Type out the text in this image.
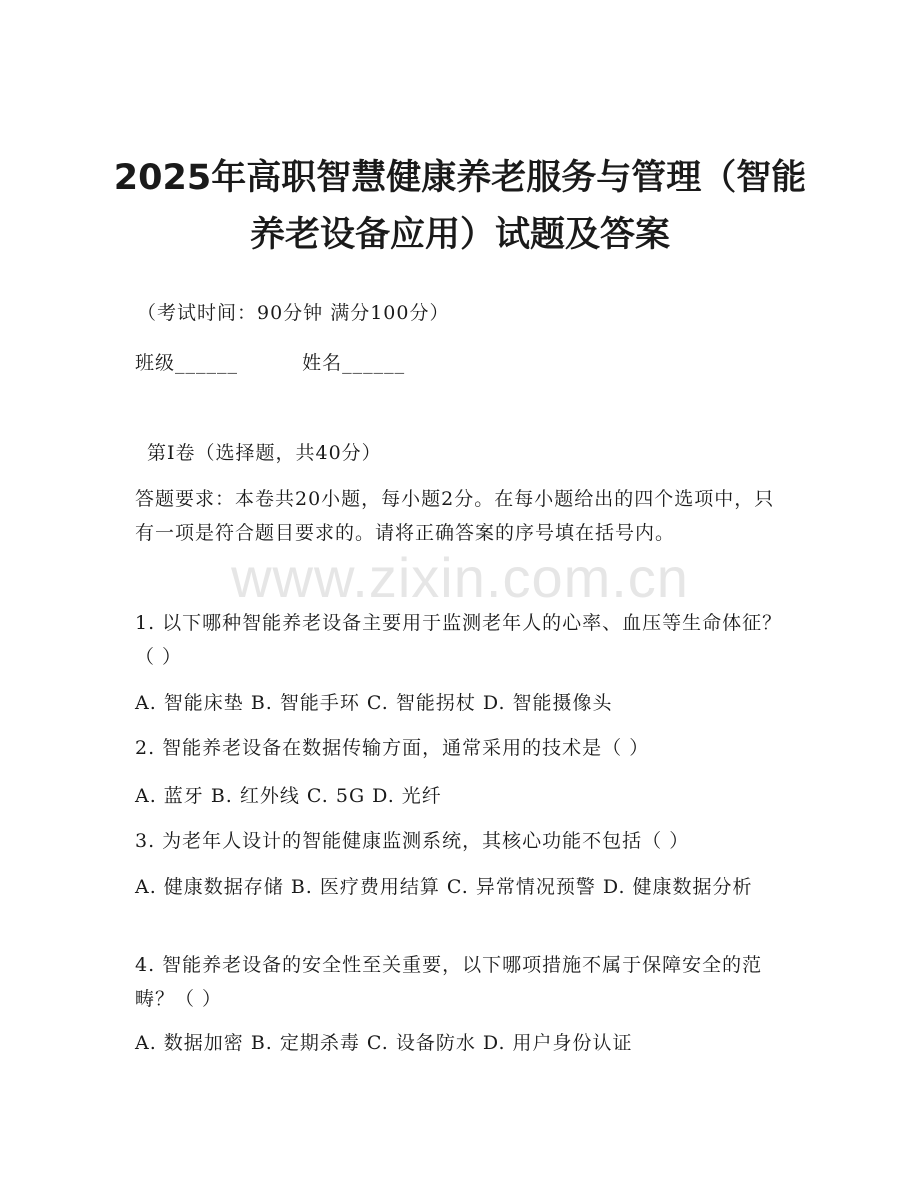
www.zixin.com.cn
2025年高职智慧健康养老服务与管理（智能
养老设备应用）试题及答案

（考试时间：90分钟 满分100分）

班级______	姓名______

第Ⅰ卷（选择题，共40分）

答题要求：本卷共20小题，每小题2分。在每小题给出的四个选项中，只有一项是符合题目要求的。请将正确答案的序号填在括号内。

1. 以下哪种智能养老设备主要用于监测老年人的心率、血压等生命体征？（ ）

A. 智能床垫 B. 智能手环 C. 智能拐杖 D. 智能摄像头

2. 智能养老设备在数据传输方面，通常采用的技术是（ ）

A. 蓝牙 B. 红外线 C. 5G D. 光纤

3. 为老年人设计的智能健康监测系统，其核心功能不包括（ ）

A. 健康数据存储 B. 医疗费用结算 C. 异常情况预警 D. 健康数据分析

4. 智能养老设备的安全性至关重要，以下哪项措施不属于保障安全的范畴？（ ）

A. 数据加密 B. 定期杀毒 C. 设备防水 D. 用户身份认证
